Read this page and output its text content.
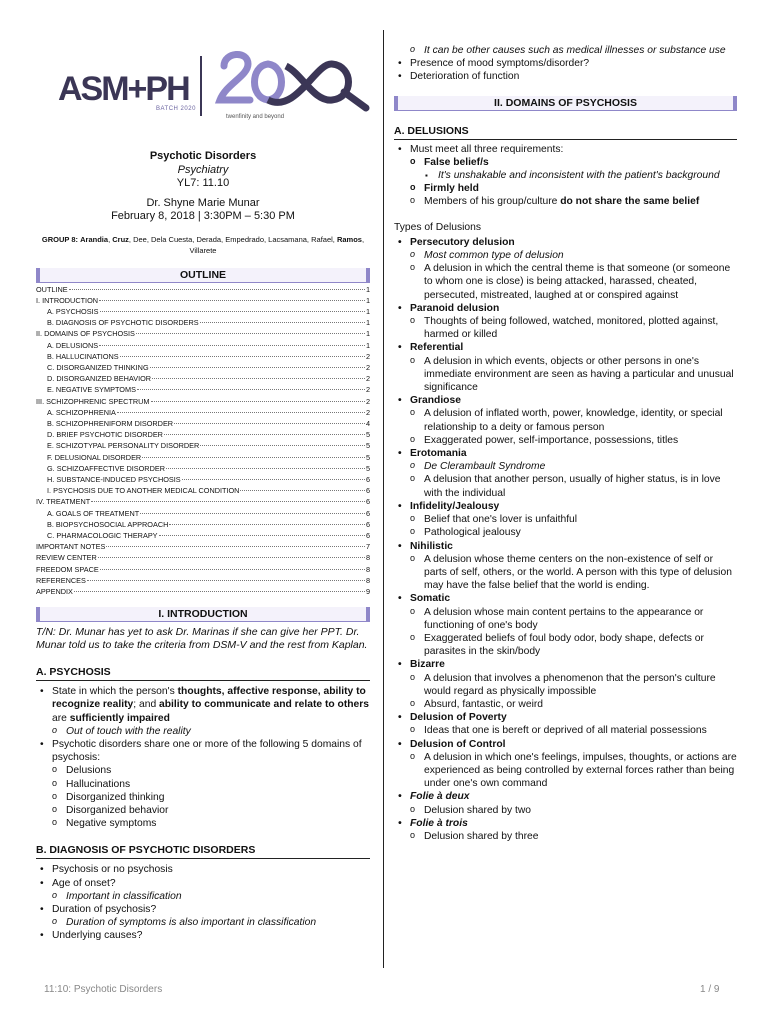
ASM+PH
BATCH 2020
twenfinity and beyond
Psychotic Disorders
Psychiatry
YL7: 11.10
Dr. Shyne Marie Munar
February 8, 2018 | 3:30PM – 5:30 PM
GROUP 8: Arandia, Cruz, Dee, Dela Cuesta, Derada, Empedrado, Lacsamana, Rafael, Ramos, Villarete
OUTLINE
OUTLINE	1
I. INTRODUCTION	1
A. PSYCHOSIS	1
B. DIAGNOSIS OF PSYCHOTIC DISORDERS	1
II. DOMAINS OF PSYCHOSIS	1
A. DELUSIONS	1
B. HALLUCINATIONS	2
C. DISORGANIZED THINKING	2
D. DISORGANIZED BEHAVIOR	2
E. NEGATIVE SYMPTOMS	2
III. SCHIZOPHRENIC SPECTRUM	2
A. SCHIZOPHRENIA	2
B. SCHIZOPHRENIFORM DISORDER	4
D. BRIEF PSYCHOTIC DISORDER	5
E. SCHIZOTYPAL PERSONALITY DISORDER	5
F. DELUSIONAL DISORDER	5
G. SCHIZOAFFECTIVE DISORDER	5
H. SUBSTANCE-INDUCED PSYCHOSIS	6
I. PSYCHOSIS DUE TO ANOTHER MEDICAL CONDITION	6
IV. TREATMENT	6
A. GOALS OF TREATMENT	6
B. BIOPSYCHOSOCIAL APPROACH	6
C. PHARMACOLOGIC THERAPY	6
IMPORTANT NOTES	7
REVIEW CENTER	8
FREEDOM SPACE	8
REFERENCES	8
APPENDIX	9
I. INTRODUCTION
T/N: Dr. Munar has yet to ask Dr. Marinas if she can give her PPT. Dr. Munar told us to take the criteria from DSM-V and the rest from Kaplan.
A. PSYCHOSIS
• State in which the person's thoughts, affective response, ability to recognize reality; and ability to communicate and relate to others are sufficiently impaired
o Out of touch with the reality
• Psychotic disorders share one or more of the following 5 domains of psychosis:
o Delusions
o Hallucinations
o Disorganized thinking
o Disorganized behavior
o Negative symptoms
B. DIAGNOSIS OF PSYCHOTIC DISORDERS
• Psychosis or no psychosis
• Age of onset?
o Important in classification
• Duration of psychosis?
o Duration of symptoms is also important in classification
• Underlying causes?
o It can be other causes such as medical illnesses or substance use
• Presence of mood symptoms/disorder?
• Deterioration of function
II. DOMAINS OF PSYCHOSIS
A. DELUSIONS
• Must meet all three requirements:
o False belief/s
▪ It's unshakable and inconsistent with the patient's background
o Firmly held
o Members of his group/culture do not share the same belief
Types of Delusions
• Persecutory delusion
o Most common type of delusion
o A delusion in which the central theme is that someone (or someone to whom one is close) is being attacked, harassed, cheated, persecuted, mistreated, laughed at or conspired against
• Paranoid delusion
o Thoughts of being followed, watched, monitored, plotted against, harmed or killed
• Referential
o A delusion in which events, objects or other persons in one's immediate environment are seen as having a particular and unusual significance
• Grandiose
o A delusion of inflated worth, power, knowledge, identity, or special relationship to a deity or famous person
o Exaggerated power, self-importance, possessions, titles
• Erotomania
o De Clerambault Syndrome
o A delusion that another person, usually of higher status, is in love with the individual
• Infidelity/Jealousy
o Belief that one's lover is unfaithful
o Pathological jealousy
• Nihilistic
o A delusion whose theme centers on the non-existence of self or parts of self, others, or the world. A person with this type of delusion may have the false belief that the world is ending.
• Somatic
o A delusion whose main content pertains to the appearance or functioning of one's body
o Exaggerated beliefs of foul body odor, body shape, defects or parasites in the skin/body
• Bizarre
o A delusion that involves a phenomenon that the person's culture would regard as physically impossible
o Absurd, fantastic, or weird
• Delusion of Poverty
o Ideas that one is bereft or deprived of all material possessions
• Delusion of Control
o A delusion in which one's feelings, impulses, thoughts, or actions are experienced as being controlled by external forces rather than being under one's own command
• Folie à deux
o Delusion shared by two
• Folie à trois
o Delusion shared by three
11:10: Psychotic Disorders	1 / 9
